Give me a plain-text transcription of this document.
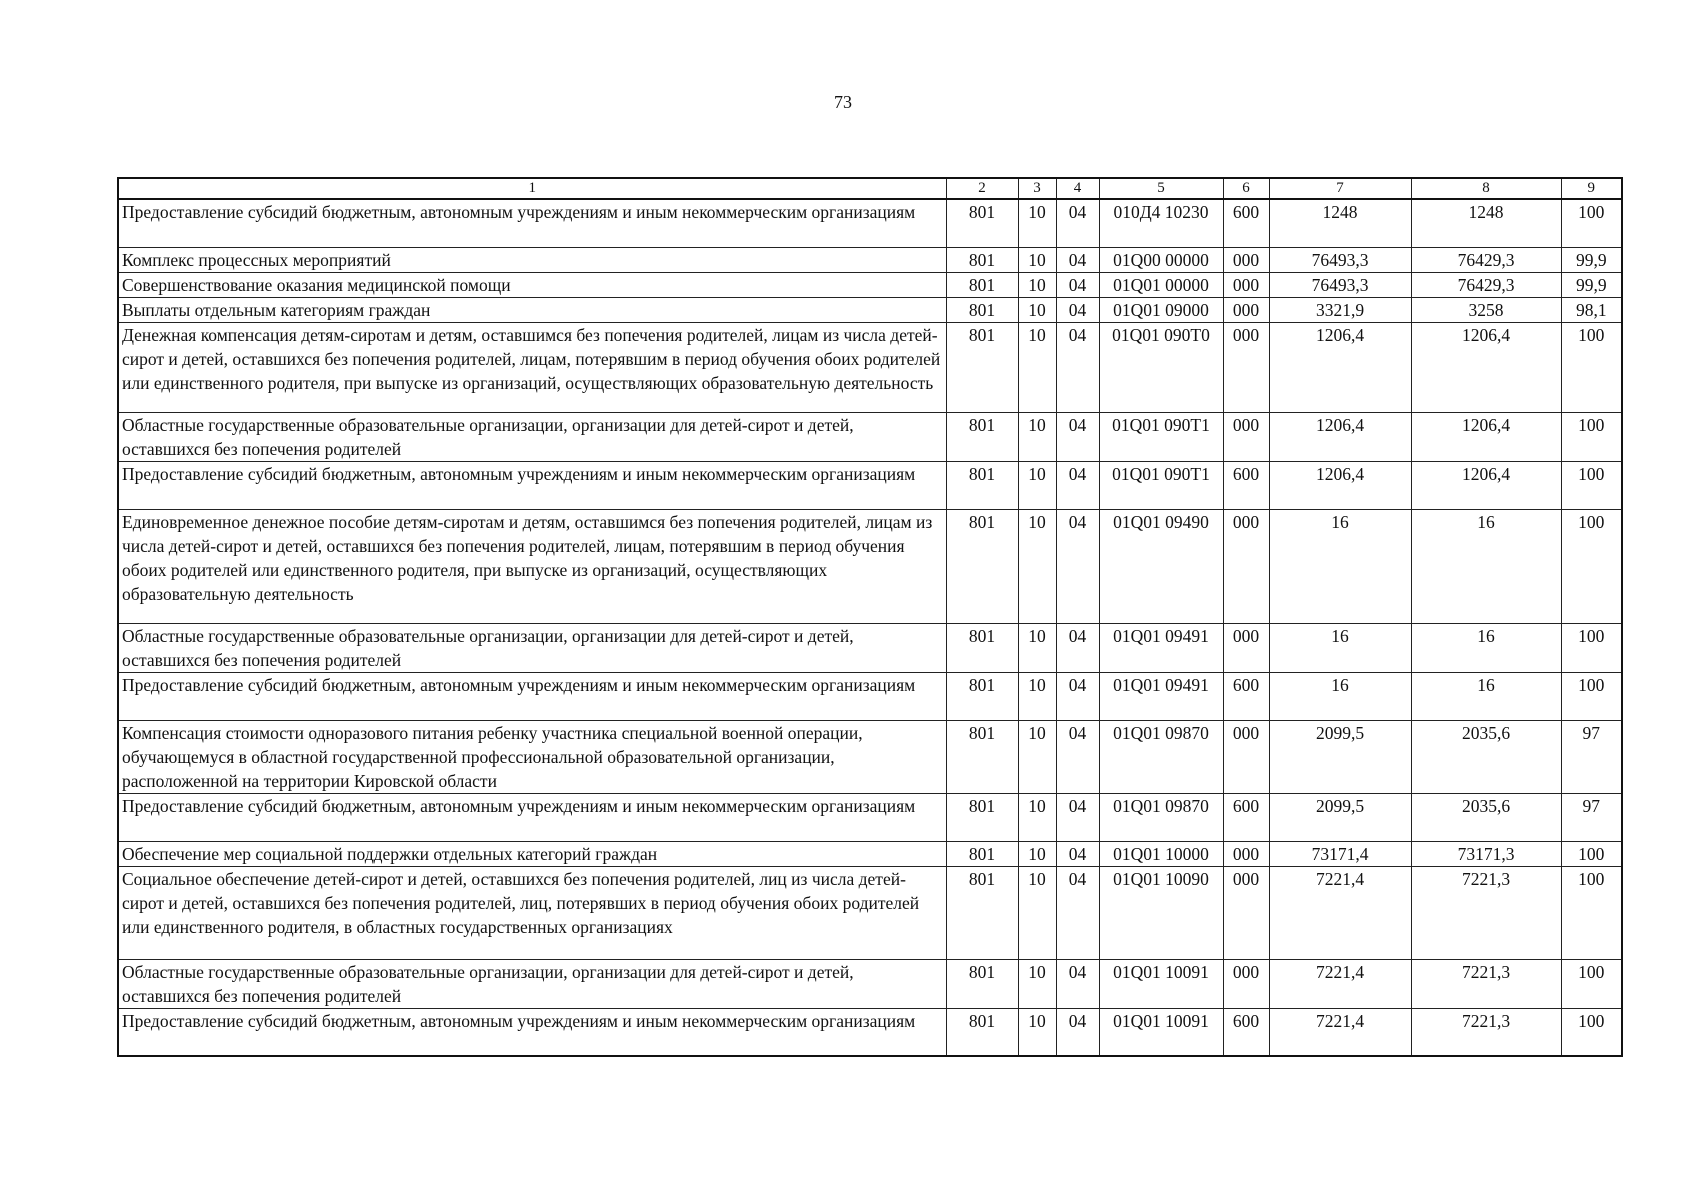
73
1	2	3	4	5	6	7	8	9
Предоставление субсидий бюджетным, автономным учреждениям и иным некоммерческим организациям	801	10	04	010Д4 10230	600	1248	1248	100
Комплекс процессных мероприятий	801	10	04	01Q00 00000	000	76493,3	76429,3	99,9
Совершенствование оказания медицинской помощи	801	10	04	01Q01 00000	000	76493,3	76429,3	99,9
Выплаты отдельным категориям граждан	801	10	04	01Q01 09000	000	3321,9	3258	98,1
Денежная компенсация детям-сиротам и детям, оставшимся без попечения родителей, лицам из числа детей-сирот и детей, оставшихся без попечения родителей, лицам, потерявшим в период обучения обоих родителей или единственного родителя, при выпуске из организаций, осуществляющих образовательную деятельность	801	10	04	01Q01 090T0	000	1206,4	1206,4	100
Областные государственные образовательные организации, организации для детей-сирот и детей, оставшихся без попечения родителей	801	10	04	01Q01 090T1	000	1206,4	1206,4	100
Предоставление субсидий бюджетным, автономным учреждениям и иным некоммерческим организациям	801	10	04	01Q01 090T1	600	1206,4	1206,4	100
Единовременное денежное пособие детям-сиротам и детям, оставшимся без попечения родителей, лицам из числа детей-сирот и детей, оставшихся без попечения родителей, лицам, потерявшим в период обучения обоих родителей или единственного родителя, при выпуске из организаций, осуществляющих образовательную деятельность	801	10	04	01Q01 09490	000	16	16	100
Областные государственные образовательные организации, организации для детей-сирот и детей, оставшихся без попечения родителей	801	10	04	01Q01 09491	000	16	16	100
Предоставление субсидий бюджетным, автономным учреждениям и иным некоммерческим организациям	801	10	04	01Q01 09491	600	16	16	100
Компенсация стоимости одноразового питания ребенку участника специальной военной операции, обучающемуся в областной государственной профессиональной образовательной организации, расположенной на территории Кировской области	801	10	04	01Q01 09870	000	2099,5	2035,6	97
Предоставление субсидий бюджетным, автономным учреждениям и иным некоммерческим организациям	801	10	04	01Q01 09870	600	2099,5	2035,6	97
Обеспечение мер социальной поддержки отдельных категорий граждан	801	10	04	01Q01 10000	000	73171,4	73171,3	100
Социальное обеспечение детей-сирот и детей, оставшихся без попечения родителей, лиц из числа детей-сирот и детей, оставшихся без попечения родителей, лиц, потерявших в период обучения обоих родителей или единственного родителя, в областных государственных организациях	801	10	04	01Q01 10090	000	7221,4	7221,3	100
Областные государственные образовательные организации, организации для детей-сирот и детей, оставшихся без попечения родителей	801	10	04	01Q01 10091	000	7221,4	7221,3	100
Предоставление субсидий бюджетным, автономным учреждениям и иным некоммерческим организациям	801	10	04	01Q01 10091	600	7221,4	7221,3	100
